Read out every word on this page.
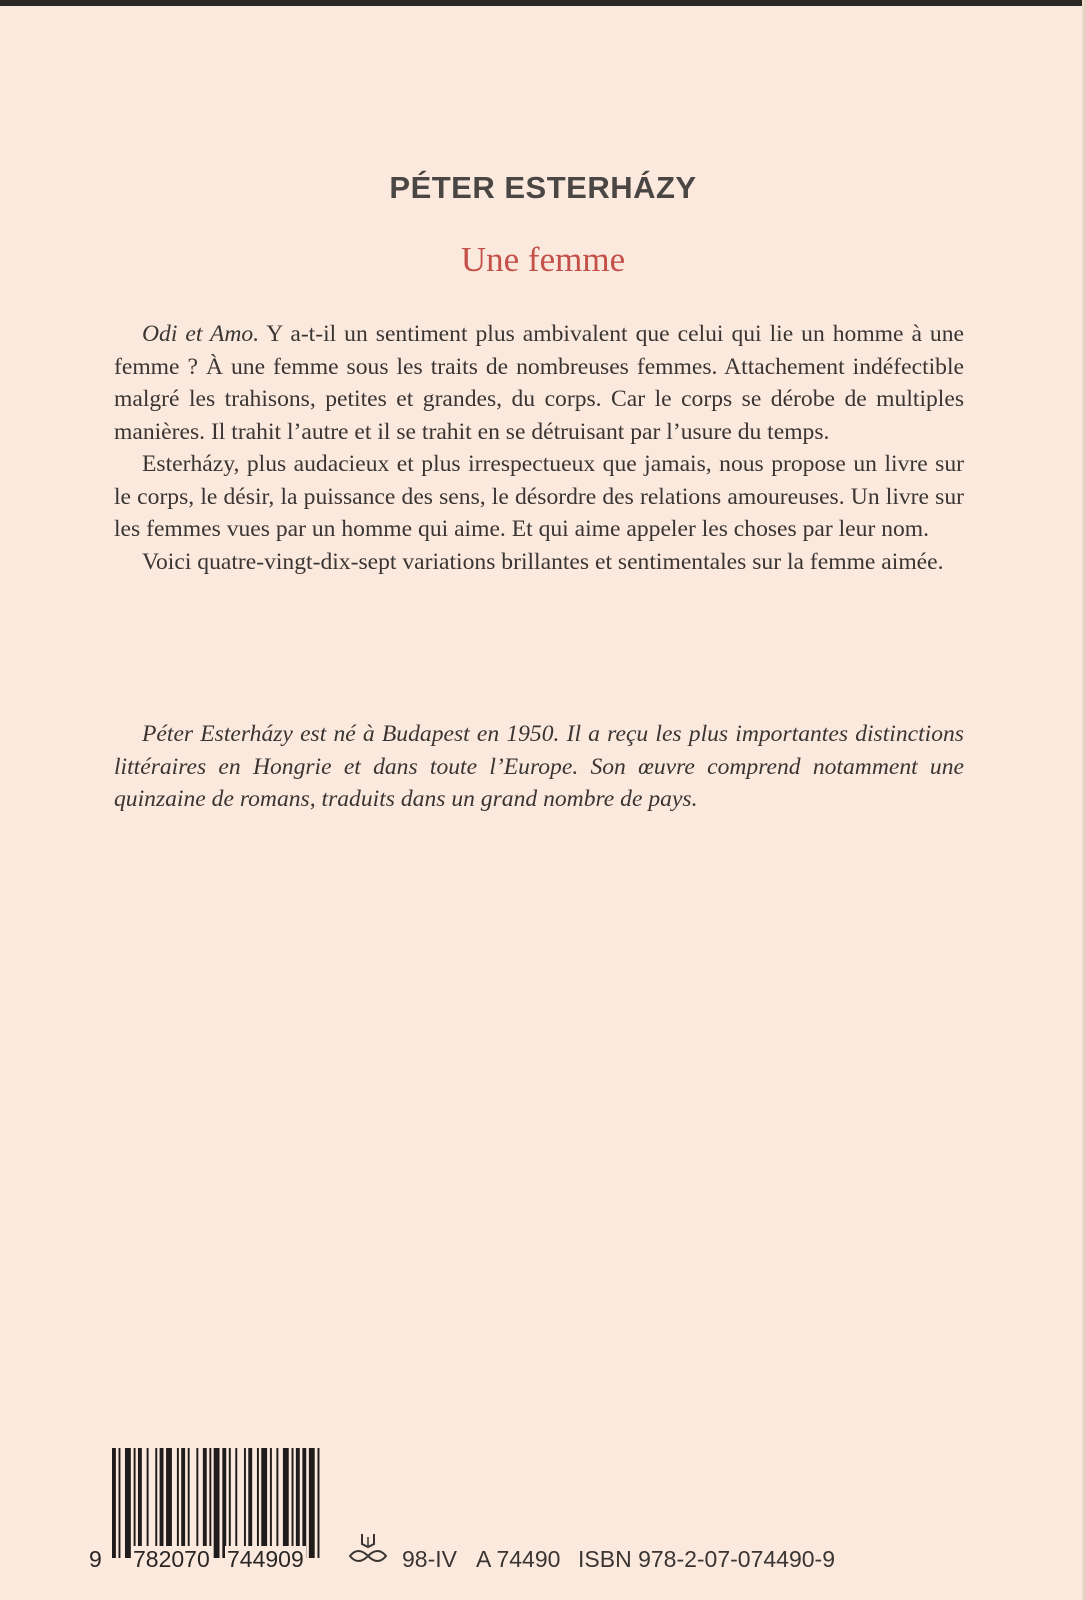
PÉTER ESTERHÁZY
Une femme

Odi et Amo. Y a-t-il un sentiment plus ambivalent que celui qui lie un homme à une femme ? À une femme sous les traits de nombreuses femmes. Attachement indéfectible malgré les trahisons, petites et grandes, du corps. Car le corps se dérobe de multiples manières. Il trahit l’autre et il se trahit en se détruisant par l’usure du temps.

Esterházy, plus audacieux et plus irrespectueux que jamais, nous propose un livre sur le corps, le désir, la puissance des sens, le désordre des relations amoureuses. Un livre sur les femmes vues par un homme qui aime. Et qui aime appeler les choses par leur nom.

Voici quatre-vingt-dix-sept variations brillantes et sentimentales sur la femme aimée.

Péter Esterházy est né à Budapest en 1950. Il a reçu les plus importantes distinctions littéraires en Hongrie et dans toute l’Europe. Son œuvre comprend notamment une quinzaine de romans, traduits dans un grand nombre de pays.

9 782070 744909	98-IV A 74490 ISBN 978-2-07-074490-9
